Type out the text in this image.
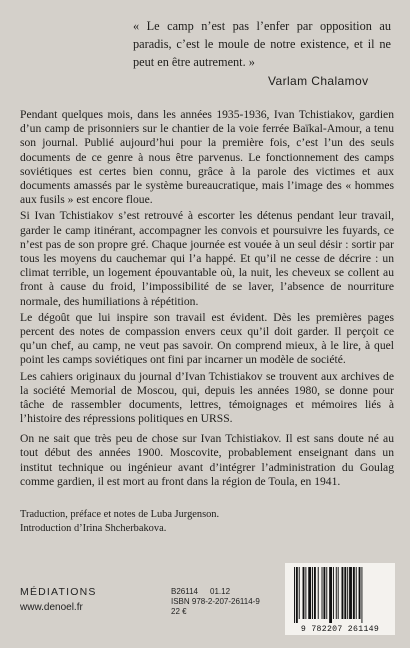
« Le camp n’est pas l’enfer par opposition au paradis, c’est le moule de notre existence, et il ne peut en être autrement. »
Varlam Chalamov

Pendant quelques mois, dans les années 1935-1936, Ivan Tchistiakov, gardien d’un camp de prisonniers sur le chantier de la voie ferrée Baïkal-Amour, a tenu son journal. Publié aujourd’hui pour la première fois, c’est l’un des seuls documents de ce genre à nous être parvenus. Le fonctionnement des camps soviétiques est certes bien connu, grâce à la parole des victimes et aux documents amassés par le système bureaucratique, mais l’image des « hommes aux fusils » est encore floue.

Si Ivan Tchistiakov s’est retrouvé à escorter les détenus pendant leur travail, garder le camp itinérant, accompagner les convois et poursuivre les fuyards, ce n’est pas de son propre gré. Chaque journée est vouée à un seul désir : sortir par tous les moyens du cauchemar qui l’a happé. Et qu’il ne cesse de décrire : un climat terrible, un logement épouvantable où, la nuit, les cheveux se collent au front à cause du froid, l’impossibilité de se laver, l’absence de nourriture normale, des humiliations à répétition.

Le dégoût que lui inspire son travail est évident. Dès les premières pages percent des notes de compassion envers ceux qu’il doit garder. Il perçoit ce qu’un chef, au camp, ne veut pas savoir. On comprend mieux, à le lire, à quel point les camps soviétiques ont fini par incarner un modèle de société.

Les cahiers originaux du journal d’Ivan Tchistiakov se trouvent aux archives de la société Memorial de Moscou, qui, depuis les années 1980, se donne pour tâche de rassembler documents, lettres, témoignages et mémoires liés à l’histoire des répressions politiques en URSS.

On ne sait que très peu de chose sur Ivan Tchistiakov. Il est sans doute né au tout début des années 1900. Moscovite, probablement enseignant dans un institut technique ou ingénieur avant d’intégrer l’administration du Goulag comme gardien, il est mort au front dans la région de Toula, en 1941.

Traduction, préface et notes de Luba Jurgenson.
Introduction d’Irina Shcherbakova.
MÉDIATIONS
www.denoel.fr
B26114 01.12
ISBN 978-2-207-26114-9
22 €
9 782207 261149
